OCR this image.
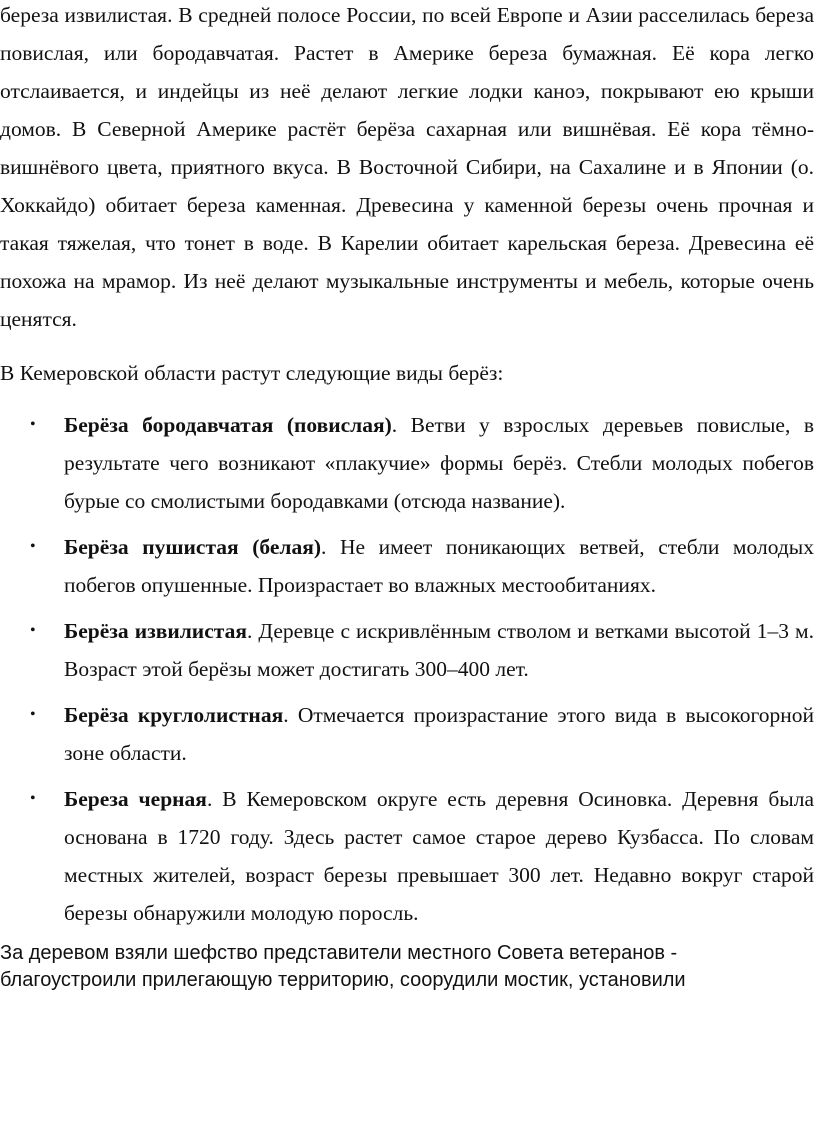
береза извилистая. В средней полосе России, по всей Европе и Азии расселилась береза повислая, или бородавчатая. Растет в Америке береза бумажная. Её кора легко отслаивается, и индейцы из неё делают легкие лодки каноэ, покрывают ею крыши домов. В Северной Америке растёт берёза сахарная или вишнёвая. Её кора тёмно-вишнёвого цвета, приятного вкуса. В Восточной Сибири, на Сахалине и в Японии (о. Хоккайдо) обитает береза каменная. Древесина у каменной березы очень прочная и такая тяжелая, что тонет в воде. В Карелии обитает карельская береза. Древесина её похожа на мрамор. Из неё делают музыкальные инструменты и мебель, которые очень ценятся.

В Кемеровской области растут следующие виды берёз:

• Берёза бородавчатая (повислая). Ветви у взрослых деревьев повислые, в результате чего возникают «плакучие» формы берёз. Стебли молодых побегов бурые со смолистыми бородавками (отсюда название).
• Берёза пушистая (белая). Не имеет поникающих ветвей, стебли молодых побегов опушенные. Произрастает во влажных местообитаниях.
• Берёза извилистая. Деревце с искривлённым стволом и ветками высотой 1–3 м. Возраст этой берёзы может достигать 300–400 лет.
• Берёза круглолистная. Отмечается произрастание этого вида в высокогорной зоне области.
• Береза черная. В Кемеровском округе есть деревня Осиновка. Деревня была основана в 1720 году. Здесь растет самое старое дерево Кузбасса. По словам местных жителей, возраст березы превышает 300 лет. Недавно вокруг старой березы обнаружили молодую поросль.

За деревом взяли шефство представители местного Совета ветеранов - благоустроили прилегающую территорию, соорудили мостик, установили
